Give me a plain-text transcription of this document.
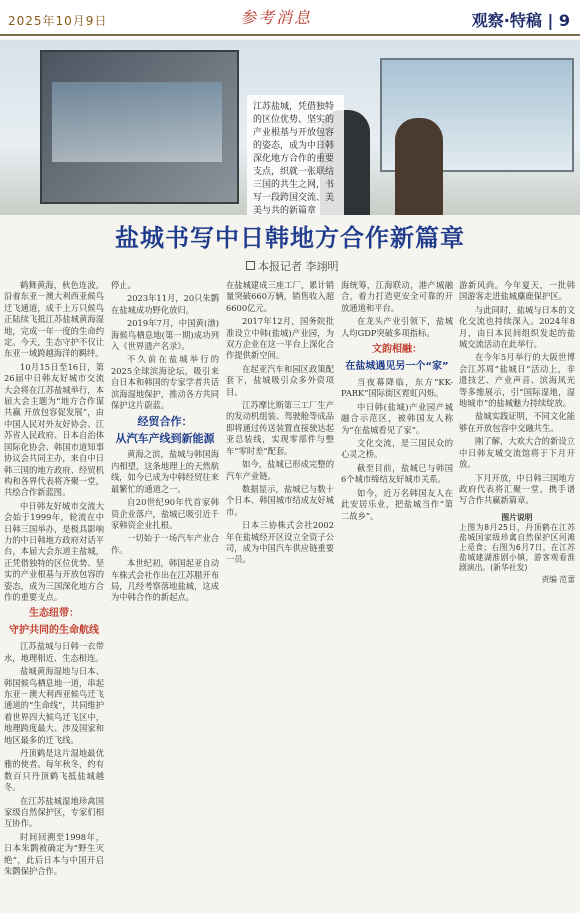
2025年10月9日	参考消息	观察·特稿 | 9
江苏盐城，凭借独特的区位优势、坚实的产业根基与开放包容的姿态，成为中日韩深化地方合作的重要支点，织就一张联结三国的共生之网，书写一段跨国交流、美美与共的新篇章
盐城书写中日韩地方合作新篇章
本报记者 李翊明

鹤舞黄海，秋色连波。沿着东亚－澳大利西亚候鸟迁飞通道，成千上万只候鸟正陆续飞抵江苏盐城黄海湿地，完成一年一度的生命约定。今天，生态守护不仅让东亚一域跨越海洋的羁绊。

10月15日至16日，第26届中日韩友好城市交流大会将在江苏盐城举行，本届大会主题为“地方合作谋共赢 开放包容促发展”，由中国人民对外友好协会、江苏省人民政府、日本自治体国际化协会、韩国市道知事协议会共同主办，来自中日韩三国的地方政府、经贸机构和各界代表将齐聚一堂，共绘合作新蓝图。

中日韩友好城市交流大会始于1999年，轮流在中日韩三国举办，是极具影响力的中日韩地方政府对话平台，本届大会东道主盐城，正凭借独特的区位优势、坚实的产业根基与开放包容的姿态，成为三国深化地方合作的重要支点。

生态纽带：
守护共同的生命航线

江苏盐城与日韩一衣带水，地理相近、生态相连。

盐城黄海湿地与日本、韩国候鸟栖息地一道，串起东亚－澳大利西亚候鸟迁飞通道的“生命线”，共同维护着世界四大候鸟迁飞区中，地理跨度最大、涉及国家和地区最多的迁飞线。

丹顶鹤是这片湿地最优雅的使者。每年秋冬，约有数百只丹顶鹤飞抵盐城越冬。

在江苏盐城湿地珍禽国家级自然保护区，专家们相互协作。

时间回溯至1998年，日本朱鹮被确定为“野生灭绝”，此后日本与中国开启朱鹮保护合作。

停止。

2023年11月，20只朱鹮在盐城成功野化放归。

2019年7月，中国黄(渤)海候鸟栖息地(第一期)成功列入《世界遗产名录》。

不久前在盐城举行的2025全球滨海论坛，吸引来自日本和韩国的专家学者共话滨海湿地保护，推动各方共同保护这片蔚蓝。

经贸合作：
从汽车产线到新能源

黄海之滨，盐城与韩国海内相望，这条地理上的天然航线，如今已成为中韩经贸往来最繁忙的通道之一。

自20世纪90年代首家韩资企业落户，盐城已吸引近千家韩资企业扎根。

一切始于一场汽车产业合作。

本世纪初，韩国起亚自动车株式会社作出在江苏腊开布局，几经考察落地盐城，这成为中韩合作的新起点。

在盐城建成三座工厂，累计销量突破660万辆，销售收入超6600亿元。

2017年12月，国务院批准设立中韩(盐城)产业园，为双方企业在这一平台上深化合作提供新空间。

在起亚汽车和园区政策配套下，盐城吸引众多外资项目。

江苏摩比斯第三工厂生产的发动机组装、驾驶舱等成品即将通过传送装置直接驶达起亚总装线，实现零部件与整车“零时差”配套。

如今，盐城已形成完整的汽车产业链。

数据显示，盐城已与数十个日本、韩国城市结成友好城市。

日本三协株式会社2002年在盐城经开区设立全资子公司，成为中国汽车供应链重要一员。

海统筹，江海联动，港产城融合，着力打造更安全可靠的开放通道和平台。

在龙头产业引领下，盐城人均GDP突破多项指标。

文韵相融：
在盐城遇见另一个“家”

当夜幕降临，东方“KK-PARK”国际街区霓虹闪烁。

中日韩(盐城)产业园产城融合示范区，被韩国友人称为“在盐城看见了家”。

文化交流，是三国民众的心灵之桥。

截至目前，盐城已与韩国6个城市缔结友好城市关系。

如今，近万名韩国友人在此安居乐业，把盐城当作“第二故乡”。

游新风尚。今年夏天，一批韩国游客走进盐城麋鹿保护区。

与此同时，盐城与日本的文化交流也持续深入。2024年8月，由日本民间组织发起的盐城交流活动在此举行。

在今年5月举行的大阪世博会江苏周“盐城日”活动上，非遗技艺、产业声音、滨海风光等多维展示，引“国际湿地，湿地城市”的盐城魅力持续绽放。

盐城实践证明，不同文化能够在开放包容中交融共生。

刚了解，大欢大合的新设立中日韩友城交流馆将于下月开放。

下月开放，中日韩三国地方政府代表将汇聚一堂，携手谱写合作共赢新篇章。

图片说明
上图为8月25日，丹顶鹤在江苏盐城国家级珍禽自然保护区河滩上觅食；右图为6月7日，在江苏盐城建湖淮剧小镇，游客观看淮剧演出。(新华社发)
责编 范蕾
